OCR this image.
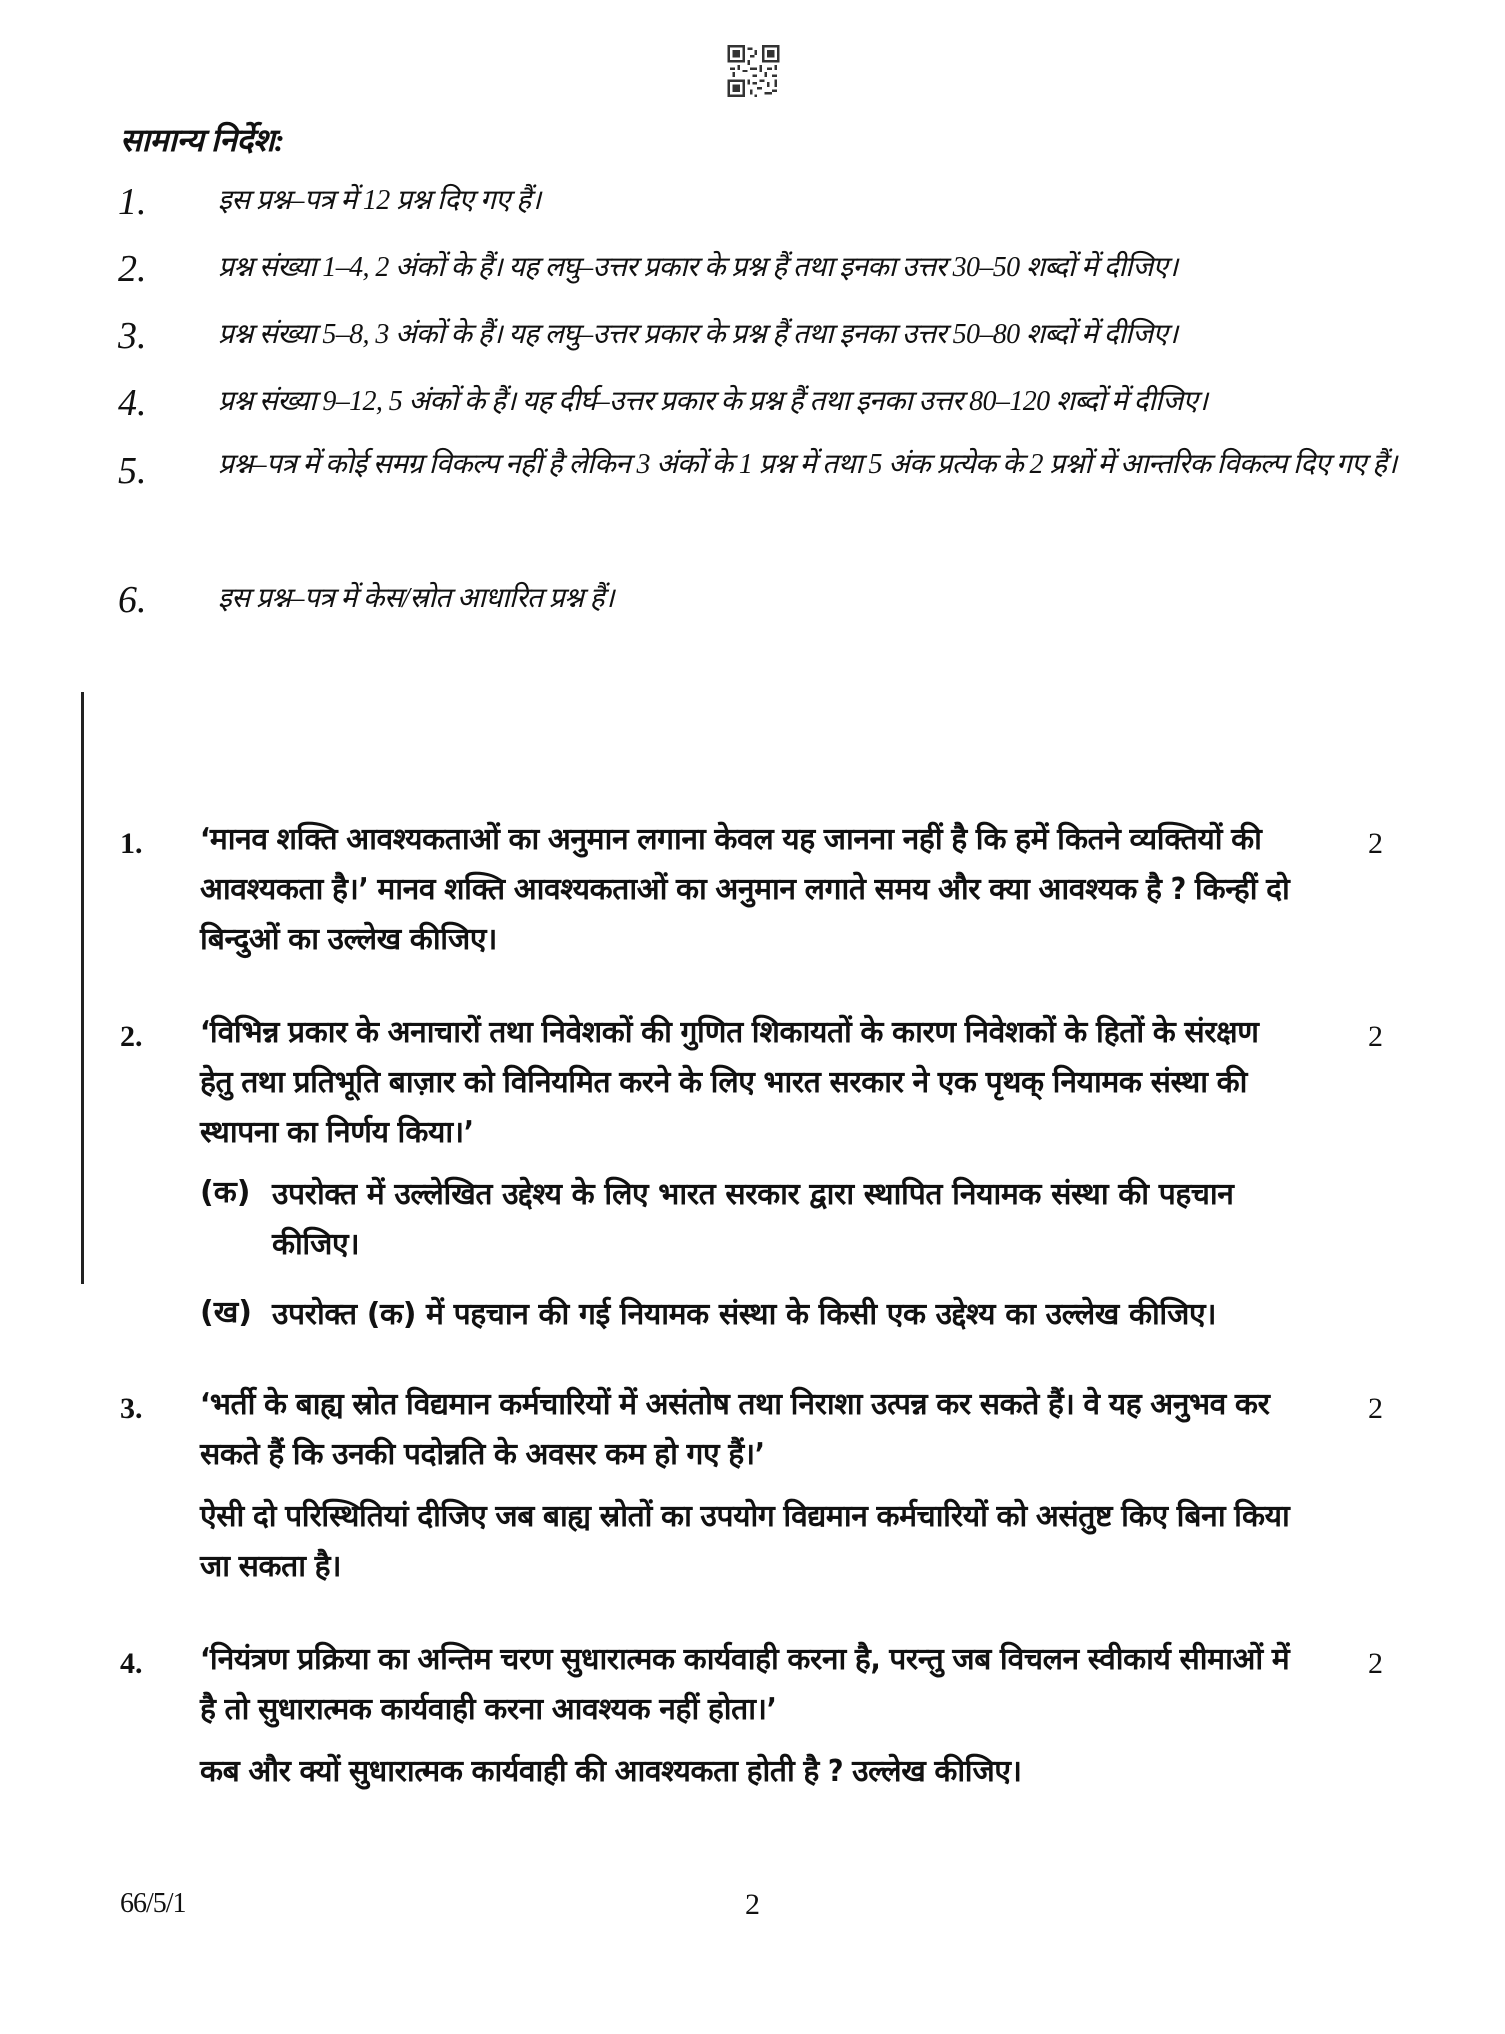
सामान्य निर्देश:
1.	इस प्रश्न–पत्र में 12 प्रश्न दिए गए हैं।
2.	प्रश्न संख्या 1–4, 2 अंकों के हैं। यह लघु–उत्तर प्रकार के प्रश्न हैं तथा इनका उत्तर 30–50 शब्दों में दीजिए।
3.	प्रश्न संख्या 5–8, 3 अंकों के हैं। यह लघु–उत्तर प्रकार के प्रश्न हैं तथा इनका उत्तर 50–80 शब्दों में दीजिए।
4.	प्रश्न संख्या 9–12, 5 अंकों के हैं। यह दीर्घ–उत्तर प्रकार के प्रश्न हैं तथा इनका उत्तर 80–120 शब्दों में दीजिए।
5.	प्रश्न–पत्र में कोई समग्र विकल्प नहीं है लेकिन 3 अंकों के 1 प्रश्न में तथा 5 अंक प्रत्येक के 2 प्रश्नों में आन्तरिक विकल्प दिए गए हैं।
6.	इस प्रश्न–पत्र में केस/स्रोत आधारित प्रश्न हैं।
1. ‘मानव शक्ति आवश्यकताओं का अनुमान लगाना केवल यह जानना नहीं है कि हमें कितने व्यक्तियों की आवश्यकता है।’ मानव शक्ति आवश्यकताओं का अनुमान लगाते समय और क्या आवश्यक है ? किन्हीं दो बिन्दुओं का उल्लेख कीजिए।

2
2. ‘विभिन्न प्रकार के अनाचारों तथा निवेशकों की गुणित शिकायतों के कारण निवेशकों के हितों के संरक्षण हेतु तथा प्रतिभूति बाज़ार को विनियमित करने के लिए भारत सरकार ने एक पृथक् नियामक संस्था की स्थापना का निर्णय किया।’

2
(क) उपरोक्त में उल्लेखित उद्देश्य के लिए भारत सरकार द्वारा स्थापित नियामक संस्था की पहचान कीजिए।
(ख) उपरोक्त (क) में पहचान की गई नियामक संस्था के किसी एक उद्देश्य का उल्लेख कीजिए।
3. ‘भर्ती के बाह्य स्रोत विद्यमान कर्मचारियों में असंतोष तथा निराशा उत्पन्न कर सकते हैं। वे यह अनुभव कर सकते हैं कि उनकी पदोन्नति के अवसर कम हो गए हैं।’

ऐसी दो परिस्थितियां दीजिए जब बाह्य स्रोतों का उपयोग विद्यमान कर्मचारियों को असंतुष्ट किए बिना किया जा सकता है।

2
4. ‘नियंत्रण प्रक्रिया का अन्तिम चरण सुधारात्मक कार्यवाही करना है, परन्तु जब विचलन स्वीकार्य सीमाओं में है तो सुधारात्मक कार्यवाही करना आवश्यक नहीं होता।’

कब और क्यों सुधारात्मक कार्यवाही की आवश्यकता होती है ? उल्लेख कीजिए।

2
66/5/1	2
